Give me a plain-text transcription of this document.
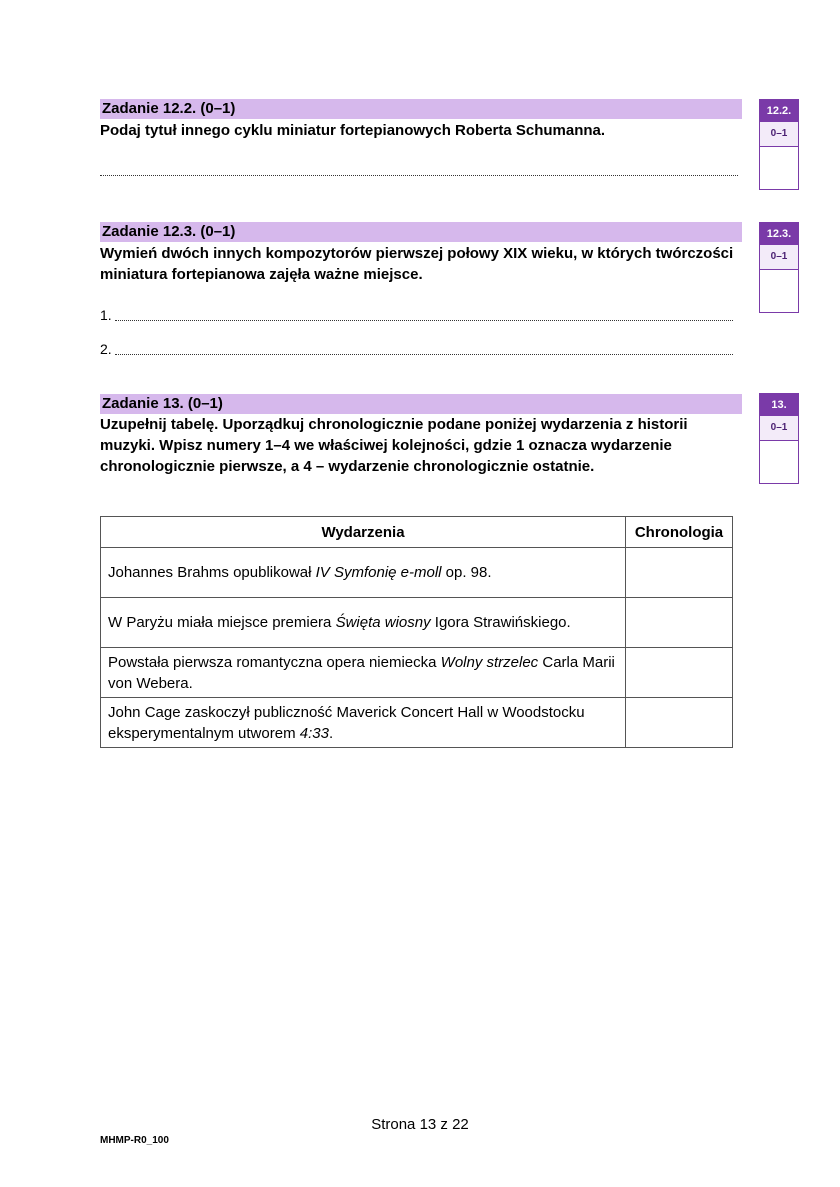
Zadanie 12.2. (0–1)
Podaj tytuł innego cyklu miniatur fortepianowych Roberta Schumanna.
12.2.
0–1
Zadanie 12.3. (0–1)
Wymień dwóch innych kompozytorów pierwszej połowy XIX wieku, w których twórczości miniatura fortepianowa zajęła ważne miejsce.
1.
2.
12.3.
0–1
Zadanie 13. (0–1)
Uzupełnij tabelę. Uporządkuj chronologicznie podane poniżej wydarzenia z historii muzyki. Wpisz numery 1–4 we właściwej kolejności, gdzie 1 oznacza wydarzenie chronologicznie pierwsze, a 4 – wydarzenie chronologicznie ostatnie.
13.
0–1
Wydarzenia	Chronologia
Johannes Brahms opublikował IV Symfonię e-moll op. 98.	
W Paryżu miała miejsce premiera Święta wiosny Igora Strawińskiego.	
Powstała pierwsza romantyczna opera niemiecka Wolny strzelec Carla Marii von Webera.	
John Cage zaskoczył publiczność Maverick Concert Hall w Woodstocku eksperymentalnym utworem 4:33.	
Strona 13 z 22
MHMP-R0_100
